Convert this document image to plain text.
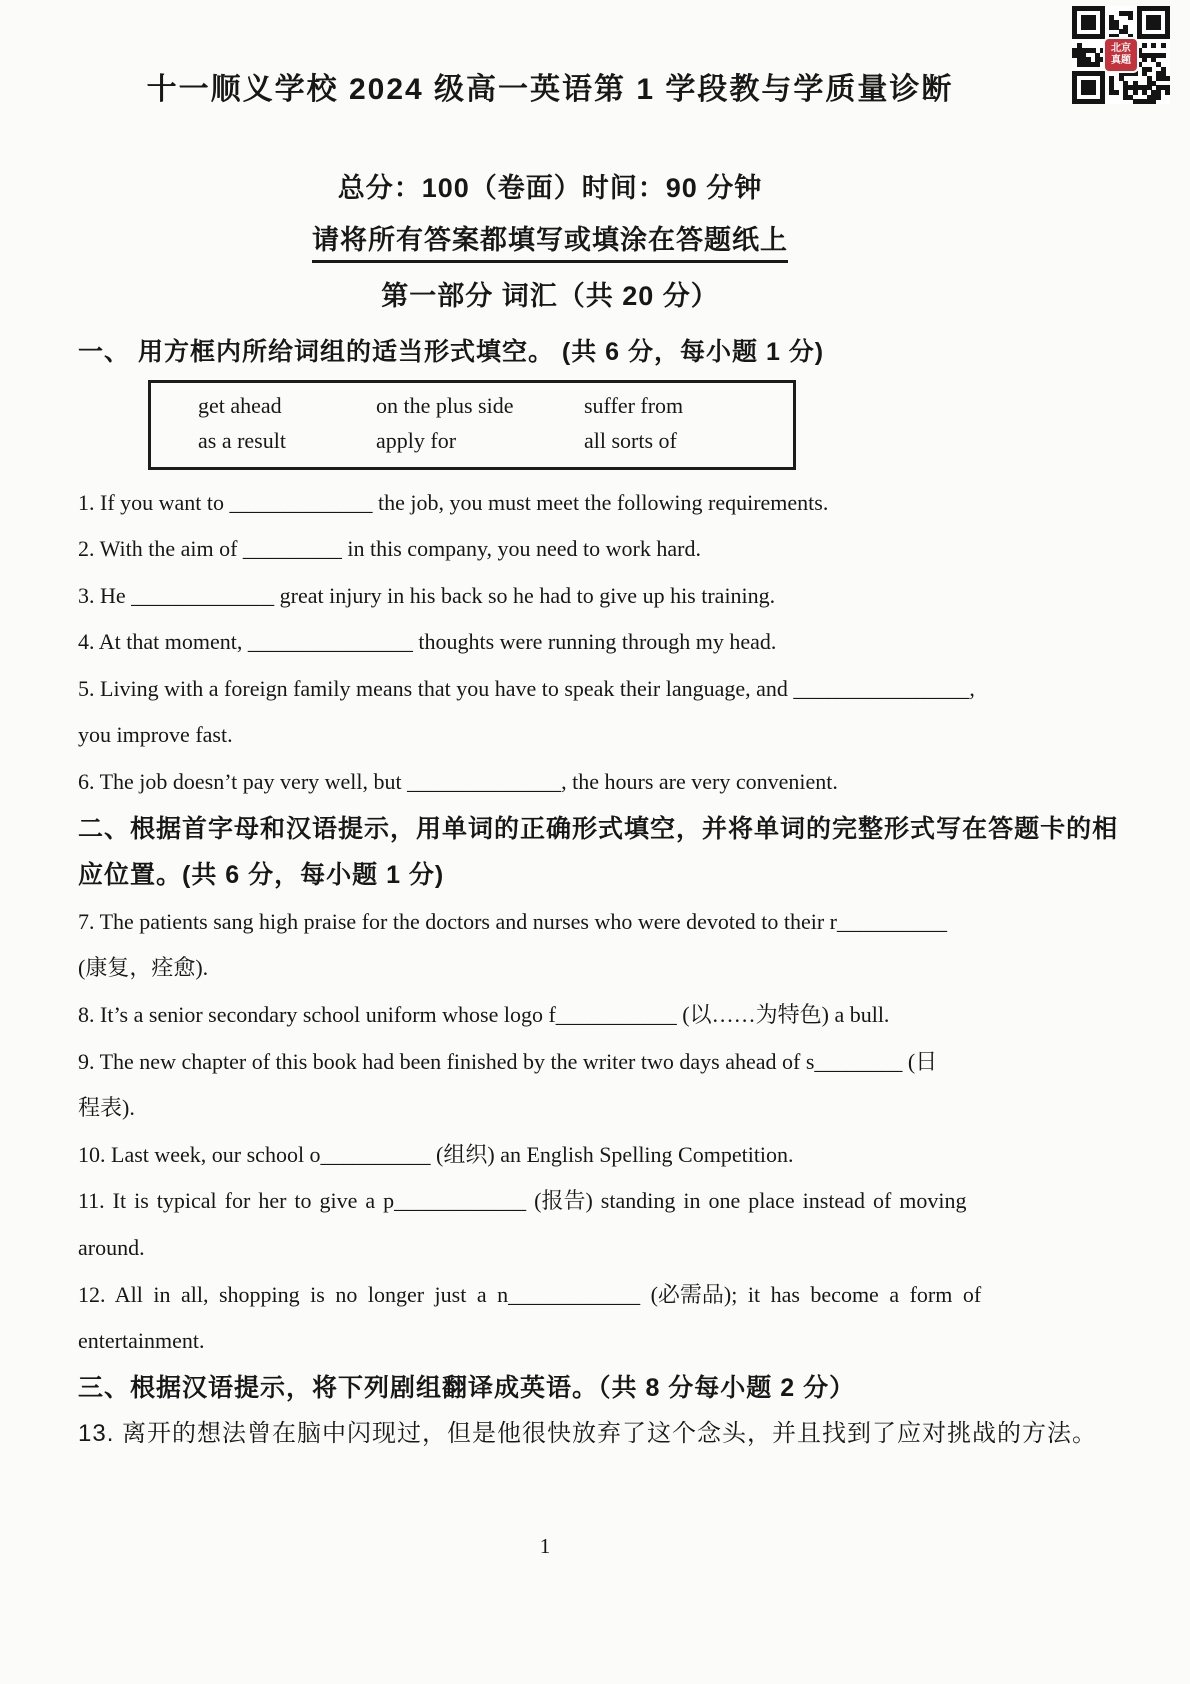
北京
真题
十一顺义学校 2024 级高一英语第 1 学段教与学质量诊断
总分：100（卷面）时间：90 分钟
请将所有答案都填写或填涂在答题纸上
第一部分 词汇（共 20 分）
一、 用方框内所给词组的适当形式填空。 (共 6 分，每小题 1 分)
get ahead	on the plus side	suffer from
as a result	apply for	all sorts of
1. If you want to _____________ the job, you must meet the following requirements.
2. With the aim of _________ in this company, you need to work hard.
3. He _____________ great injury in his back so he had to give up his training.
4. At that moment, _______________ thoughts were running through my head.
5. Living with a foreign family means that you have to speak their language, and ________________,
you improve fast.
6. The job doesn’t pay very well, but ______________, the hours are very convenient.
二、根据首字母和汉语提示，用单词的正确形式填空，并将单词的完整形式写在答题卡的相
应位置。(共 6 分，每小题 1 分)
7. The patients sang high praise for the doctors and nurses who were devoted to their r__________
(康复，痊愈).
8. It’s a senior secondary school uniform whose logo f___________ (以……为特色) a bull.
9. The new chapter of this book had been finished by the writer two days ahead of s________ (日
程表).
10. Last week, our school o__________ (组织) an English Spelling Competition.
11. It is typical for her to give a p____________ (报告) standing in one place instead of moving
around.
12. All in all, shopping is no longer just a n____________ (必需品); it has become a form of
entertainment.
三、根据汉语提示，将下列剧组翻译成英语。（共 8 分每小题 2 分）
13. 离开的想法曾在脑中闪现过，但是他很快放弃了这个念头，并且找到了应对挑战的方法。
1
